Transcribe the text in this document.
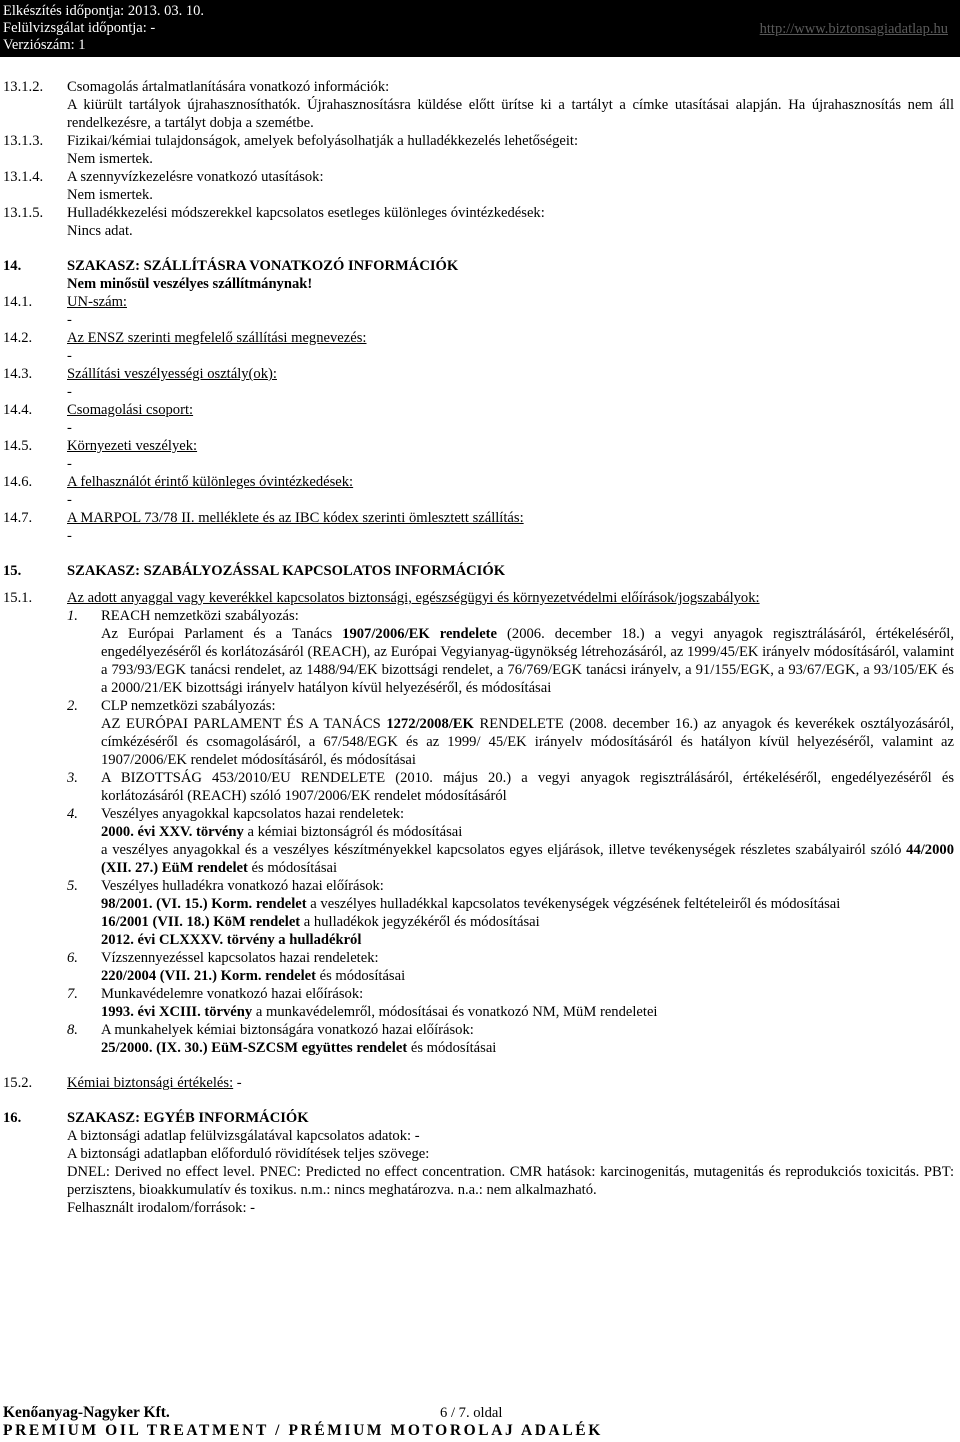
Elkészítés időpontja: 2013. 03. 10.
Felülvizsgálat időpontja: -
Verziószám: 1
http://www.biztonsagiadatlap.hu
13.1.2.	Csomagolás ártalmatlanítására vonatkozó információk:
A kiürült tartályok újrahasznosíthatók. Újrahasznosításra küldése előtt ürítse ki a tartályt a címke utasításai alapján. Ha újrahasznosítás nem áll rendelkezésre, a tartályt dobja a szemétbe.
13.1.3.	Fizikai/kémiai tulajdonságok, amelyek befolyásolhatják a hulladékkezelés lehetőségeit:
Nem ismertek.
13.1.4.	A szennyvízkezelésre vonatkozó utasítások:
Nem ismertek.
13.1.5.	Hulladékkezelési módszerekkel kapcsolatos esetleges különleges óvintézkedések:
Nincs adat.
14.	SZAKASZ: SZÁLLÍTÁSRA VONATKOZÓ INFORMÁCIÓK
Nem minősül veszélyes szállítmánynak!
14.1.	UN-szám:
-
14.2.	Az ENSZ szerinti megfelelő szállítási megnevezés:
-
14.3.	Szállítási veszélyességi osztály(ok):
-
14.4.	Csomagolási csoport:
-
14.5.	Környezeti veszélyek:
-
14.6.	A felhasználót érintő különleges óvintézkedések:
-
14.7.	A MARPOL 73/78 II. melléklete és az IBC kódex szerinti ömlesztett szállítás:
-
15.	SZAKASZ: SZABÁLYOZÁSSAL KAPCSOLATOS INFORMÁCIÓK
15.1.	Az adott anyaggal vagy keverékkel kapcsolatos biztonsági, egészségügyi és környezetvédelmi előírások/jogszabályok:
1.	REACH nemzetközi szabályozás:
Az Európai Parlament és a Tanács 1907/2006/EK rendelete (2006. december 18.) a vegyi anyagok regisztrálásáról, értékeléséről, engedélyezéséről és korlátozásáról (REACH), az Európai Vegyianyag-ügynökség létrehozásáról, az 1999/45/EK irányelv módosításáról, valamint a 793/93/EGK tanácsi rendelet, az 1488/94/EK bizottsági rendelet, a 76/769/EGK tanácsi irányelv, a 91/155/EGK, a 93/67/EGK, a 93/105/EK és a 2000/21/EK bizottsági irányelv hatályon kívül helyezéséről, és módosításai
2.	CLP nemzetközi szabályozás:
AZ EURÓPAI PARLAMENT ÉS A TANÁCS 1272/2008/EK RENDELETE (2008. december 16.) az anyagok és keverékek osztályozásáról, címkézéséről és csomagolásáról, a 67/548/EGK és az 1999/ 45/EK irányelv módosításáról és hatályon kívül helyezéséről, valamint az 1907/2006/EK rendelet módosításáról, és módosításai
3.	A BIZOTTSÁG 453/2010/EU RENDELETE (2010. május 20.) a vegyi anyagok regisztrálásáról, értékeléséről, engedélyezéséről és korlátozásáról (REACH) szóló 1907/2006/EK rendelet módosításáról
4.	Veszélyes anyagokkal kapcsolatos hazai rendeletek:
2000. évi XXV. törvény a kémiai biztonságról és módosításai
a veszélyes anyagokkal és a veszélyes készítményekkel kapcsolatos egyes eljárások, illetve tevékenységek részletes szabályairól szóló 44/2000 (XII. 27.) EüM rendelet és módosításai
5.	Veszélyes hulladékra vonatkozó hazai előírások:
98/2001. (VI. 15.) Korm. rendelet a veszélyes hulladékkal kapcsolatos tevékenységek végzésének feltételeiről és módosításai
16/2001 (VII. 18.) KöM rendelet a hulladékok jegyzékéről és módosításai
2012. évi CLXXXV. törvény a hulladékról
6.	Vízszennyezéssel kapcsolatos hazai rendeletek:
220/2004 (VII. 21.) Korm. rendelet és módosításai
7.	Munkavédelemre vonatkozó hazai előírások:
1993. évi XCIII. törvény a munkavédelemről, módosításai és vonatkozó NM, MüM rendeletei
8.	A munkahelyek kémiai biztonságára vonatkozó hazai előírások:
25/2000. (IX. 30.) EüM-SZCSM együttes rendelet és módosításai
15.2.	Kémiai biztonsági értékelés: -
16.	SZAKASZ: EGYÉB INFORMÁCIÓK
A biztonsági adatlap felülvizsgálatával kapcsolatos adatok: -
A biztonsági adatlapban előforduló rövidítések teljes szövege:
DNEL: Derived no effect level. PNEC: Predicted no effect concentration. CMR hatások: karcinogenitás, mutagenitás és reprodukciós toxicitás. PBT: perzisztens, bioakkumulatív és toxikus. n.m.: nincs meghatározva. n.a.: nem alkalmazható.
Felhasznált irodalom/források: -
Kenőanyag-Nagyker Kft.	6 / 7. oldal
PREMIUM OIL TREATMENT / PRÉMIUM MOTOROLAJ ADALÉK
